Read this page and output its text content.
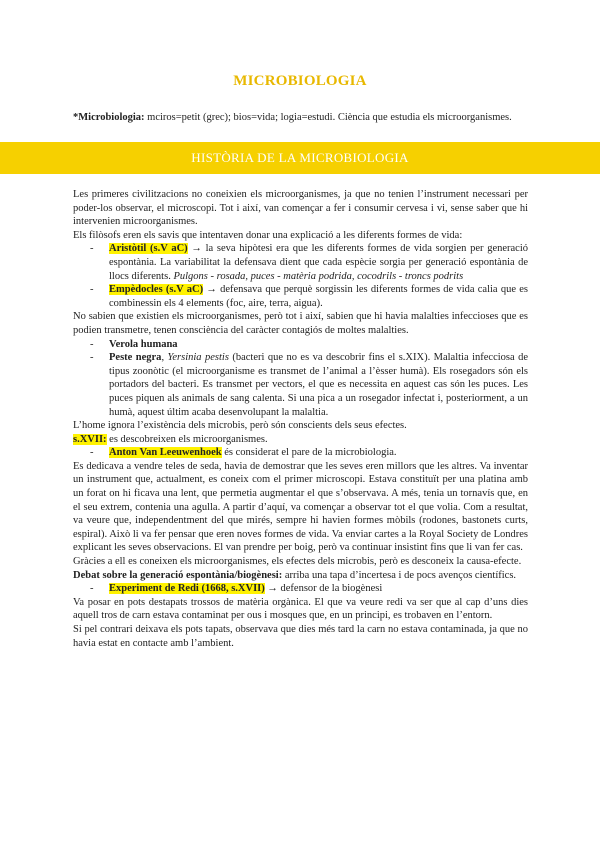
MICROBIOLOGIA
*Microbiologia: mciros=petit (grec); bios=vida; logia=estudi. Ciència que estudia els microorganismes.
HISTÒRIA DE LA MICROBIOLOGIA

Les primeres civilitzacions no coneixien els microorganismes, ja que no tenien l’instrument necessari per poder-los observar, el microscopi. Tot i així, van començar a fer i consumir cervesa i vi, sense saber que hi intervenien microorganismes.

Els filòsofs eren els savis que intentaven donar una explicació a les diferents formes de vida:

- Aristòtil (s.V aC) → la seva hipòtesi era que les diferents formes de vida sorgien per generació espontània. La variabilitat la defensava dient que cada espècie sorgia per generació espontània de llocs diferents. Pulgons - rosada, puces - matèria podrida, cocodrils - troncs podrits
- Empèdocles (s.V aC) → defensava que perquè sorgissin les diferents formes de vida calia que es combinessin els 4 elements (foc, aire, terra, aigua).

No sabien que existien els microorganismes, però tot i així, sabien que hi havia malalties infeccioses que es podien transmetre, tenen consciència del caràcter contagiós de moltes malalties.

- Verola humana
- Peste negra, Yersinia pestis (bacteri que no es va descobrir fins el s.XIX). Malaltia infecciosa de tipus zoonòtic (el microorganisme es transmet de l’animal a l’èsser humà). Els rosegadors són els portadors del bacteri. Es transmet per vectors, el que es necessita en aquest cas són les puces. Les puces piquen als animals de sang calenta. Si una pica a un rosegador infectat i, posteriorment, a un humà, aquest últim acaba desenvolupant la malaltia.

L’home ignora l’existència dels microbis, però són conscients dels seus efectes.

s.XVII: es descobreixen els microorganismes.

- Anton Van Leeuwenhoek és considerat el pare de la microbiologia.

Es dedicava a vendre teles de seda, havia de demostrar que les seves eren millors que les altres. Va inventar un instrument que, actualment, es coneix com el primer microscopi. Estava constituït per una platina amb un forat on hi ficava una lent, que permetia augmentar el que s’observava. A més, tenia un tornavís que, en el seu extrem, contenia una agulla. A partir d’aquí, va començar a observar tot el que volia. Com a resultat, va veure que, independentment del que mirés, sempre hi havien formes mòbils (rodones, bastonets curts, espiral). Això li va fer pensar que eren noves formes de vida. Va enviar cartes a la Royal Society de Londres explicant les seves observacions. El van prendre per boig, però va continuar insistint fins que li van fer cas.

Gràcies a ell es coneixen els microorganismes, els efectes dels microbis, però es desconeix la causa-efecte.

Debat sobre la generació espontània/biogènesi: arriba una tapa d’incertesa i de pocs avenços científics.

- Experiment de Redi (1668, s.XVII) → defensor de la biogènesi

Va posar en pots destapats trossos de matèria orgànica. El que va veure redi va ser que al cap d’uns dies aquell tros de carn estava contaminat per ous i mosques que, en un principi, es trobaven en l’entorn.

Si pel contrari deixava els pots tapats, observava que dies més tard la carn no estava contaminada, ja que no havia estat en contacte amb l’ambient.
